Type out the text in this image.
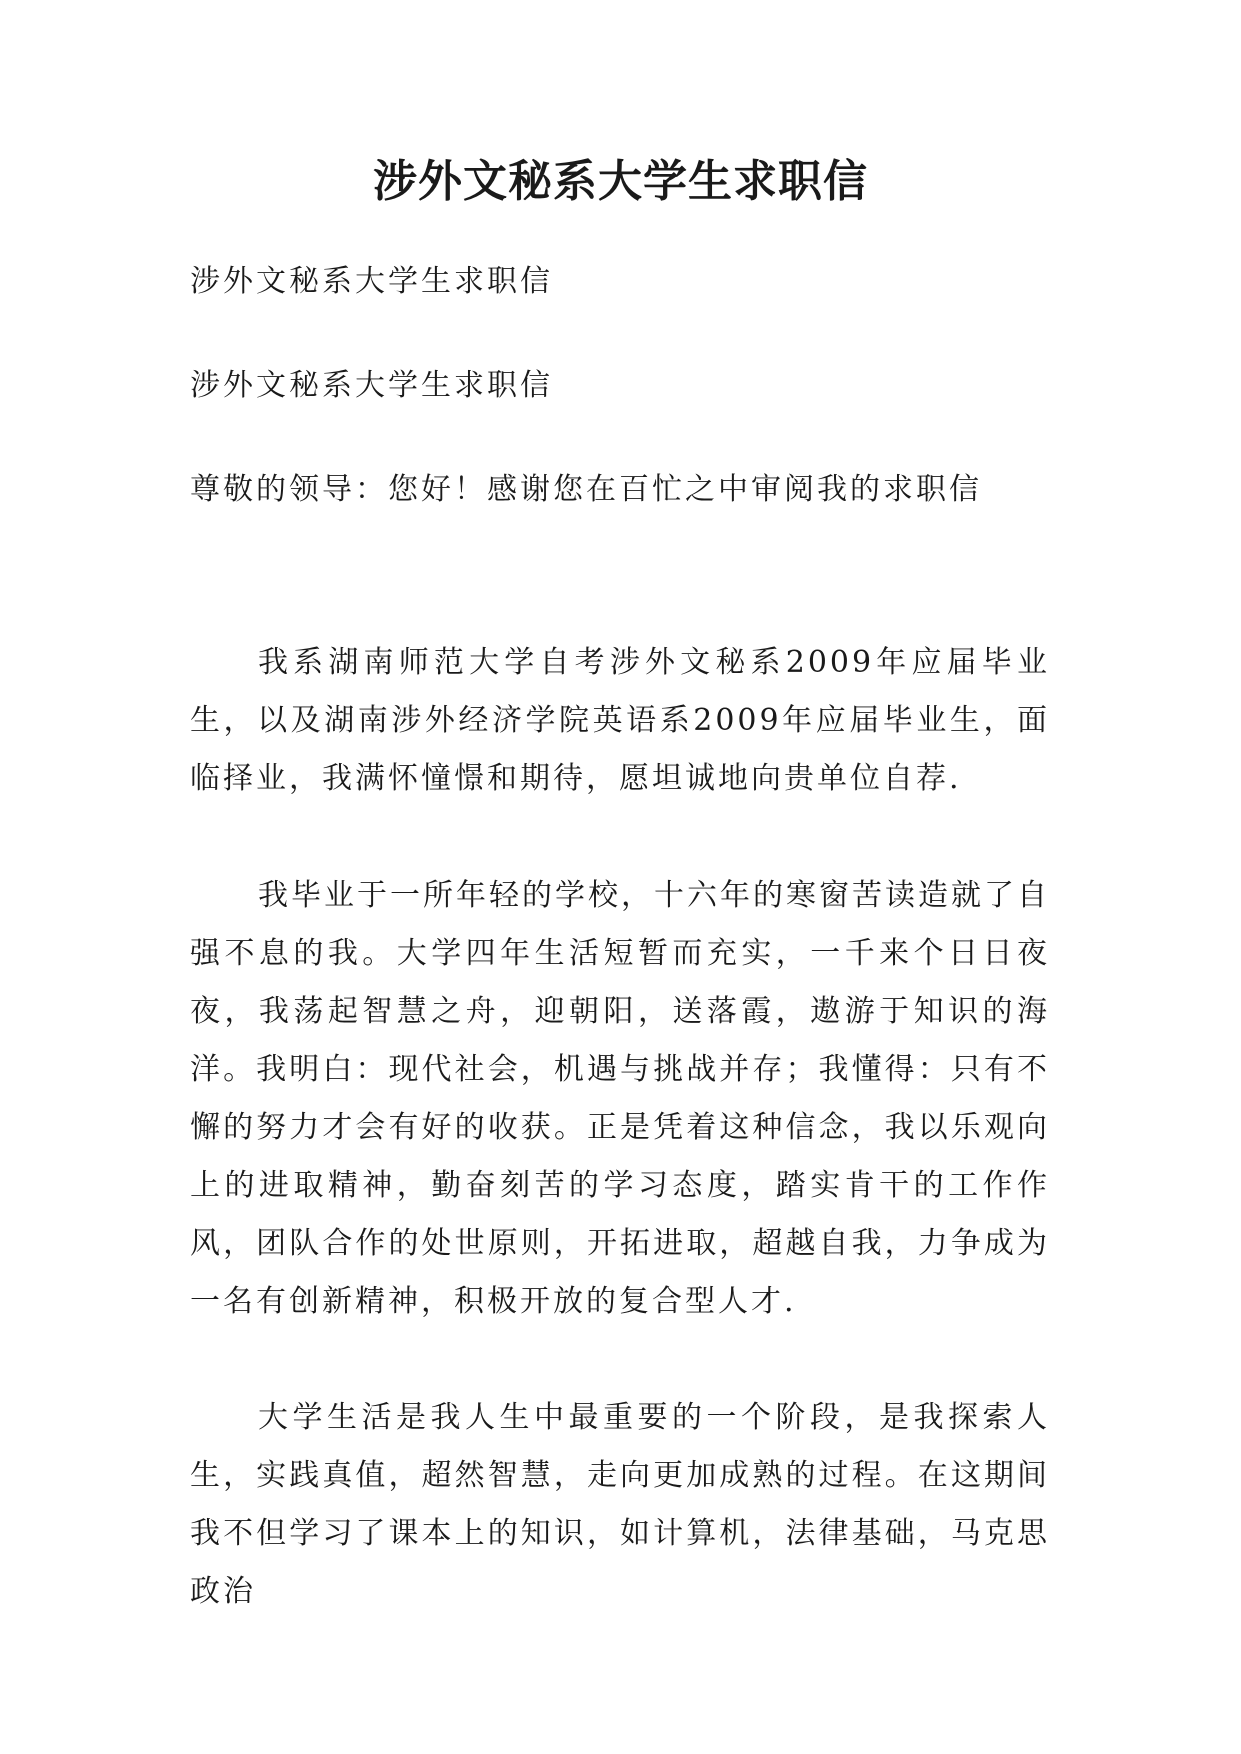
涉外文秘系大学生求职信
涉外文秘系大学生求职信
涉外文秘系大学生求职信
尊敬的领导：您好！感谢您在百忙之中审阅我的求职信

我系湖南师范大学自考涉外文秘系2009年应届毕业生，以及湖南涉外经济学院英语系2009年应届毕业生，面临择业，我满怀憧憬和期待，愿坦诚地向贵单位自荐.

我毕业于一所年轻的学校，十六年的寒窗苦读造就了自强不息的我。大学四年生活短暂而充实，一千来个日日夜夜，我荡起智慧之舟，迎朝阳，送落霞，遨游于知识的海洋。我明白：现代社会，机遇与挑战并存；我懂得：只有不懈的努力才会有好的收获。正是凭着这种信念，我以乐观向上的进取精神，勤奋刻苦的学习态度，踏实肯干的工作作风，团队合作的处世原则，开拓进取，超越自我，力争成为一名有创新精神，积极开放的复合型人才.

大学生活是我人生中最重要的一个阶段，是我探索人生，实践真值，超然智慧，走向更加成熟的过程。在这期间我不但学习了课本上的知识，如计算机，法律基础，马克思政治
